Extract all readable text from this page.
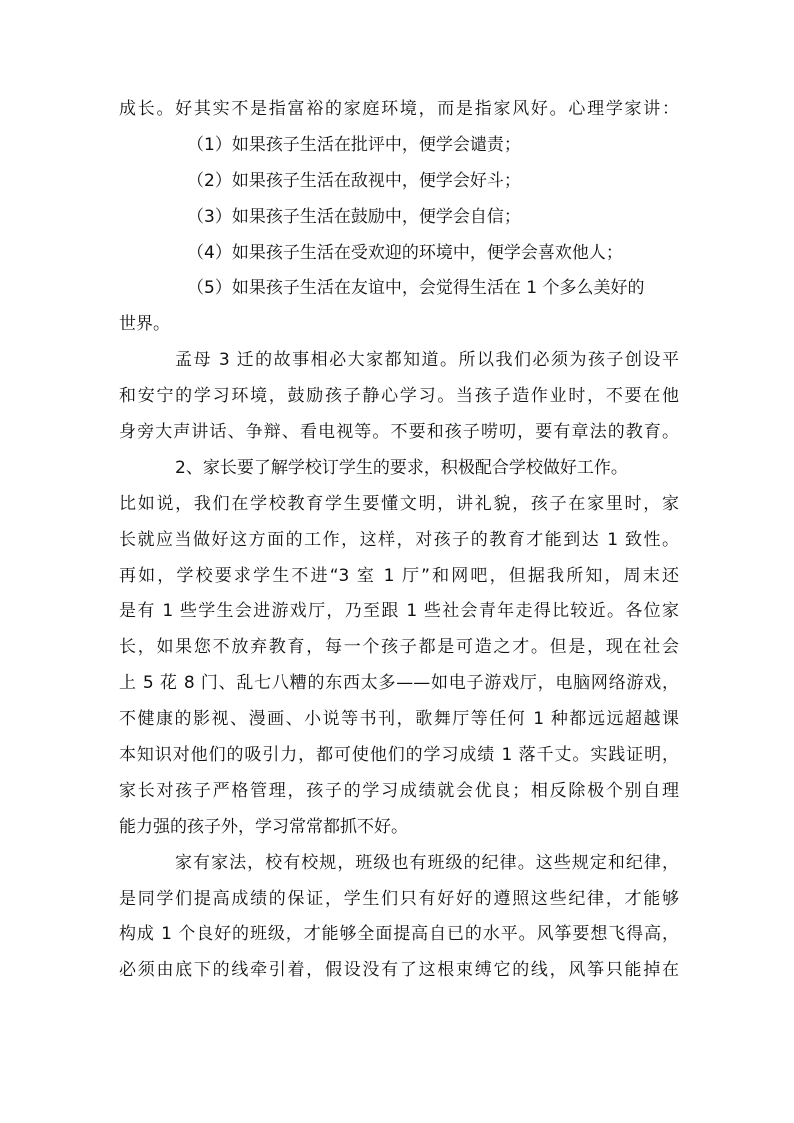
成长。好其实不是指富裕的家庭环境，而是指家风好。心理学家讲：
（1）如果孩子生活在批评中，便学会谴责；
（2）如果孩子生活在敌视中，便学会好斗；
（3）如果孩子生活在鼓励中，便学会自信；
（4）如果孩子生活在受欢迎的环境中，便学会喜欢他人；
（5）如果孩子生活在友谊中，会觉得生活在 1 个多么美好的
世界。
孟母 3 迁的故事相必大家都知道。所以我们必须为孩子创设平
和安宁的学习环境，鼓励孩子静心学习。当孩子造作业时，不要在他
身旁大声讲话、争辩、看电视等。不要和孩子唠叨，要有章法的教育。
2、家长要了解学校订学生的要求，积极配合学校做好工作。
比如说，我们在学校教育学生要懂文明，讲礼貌，孩子在家里时，家
长就应当做好这方面的工作，这样，对孩子的教育才能到达 1 致性。
再如，学校要求学生不进“3 室 1 厅”和网吧，但据我所知，周末还
是有 1 些学生会进游戏厅，乃至跟 1 些社会青年走得比较近。各位家
长，如果您不放弃教育，每一个孩子都是可造之才。但是，现在社会
上 5 花 8 门、乱七八糟的东西太多——如电子游戏厅，电脑网络游戏，
不健康的影视、漫画、小说等书刊，歌舞厅等任何 1 种都远远超越课
本知识对他们的吸引力，都可使他们的学习成绩 1 落千丈。实践证明，
家长对孩子严格管理，孩子的学习成绩就会优良；相反除极个别自理
能力强的孩子外，学习常常都抓不好。
家有家法，校有校规，班级也有班级的纪律。这些规定和纪律，
是同学们提高成绩的保证，学生们只有好好的遵照这些纪律，才能够
构成 1 个良好的班级，才能够全面提高自已的水平。风筝要想飞得高，
必须由底下的线牵引着，假设没有了这根束缚它的线，风筝只能掉在
